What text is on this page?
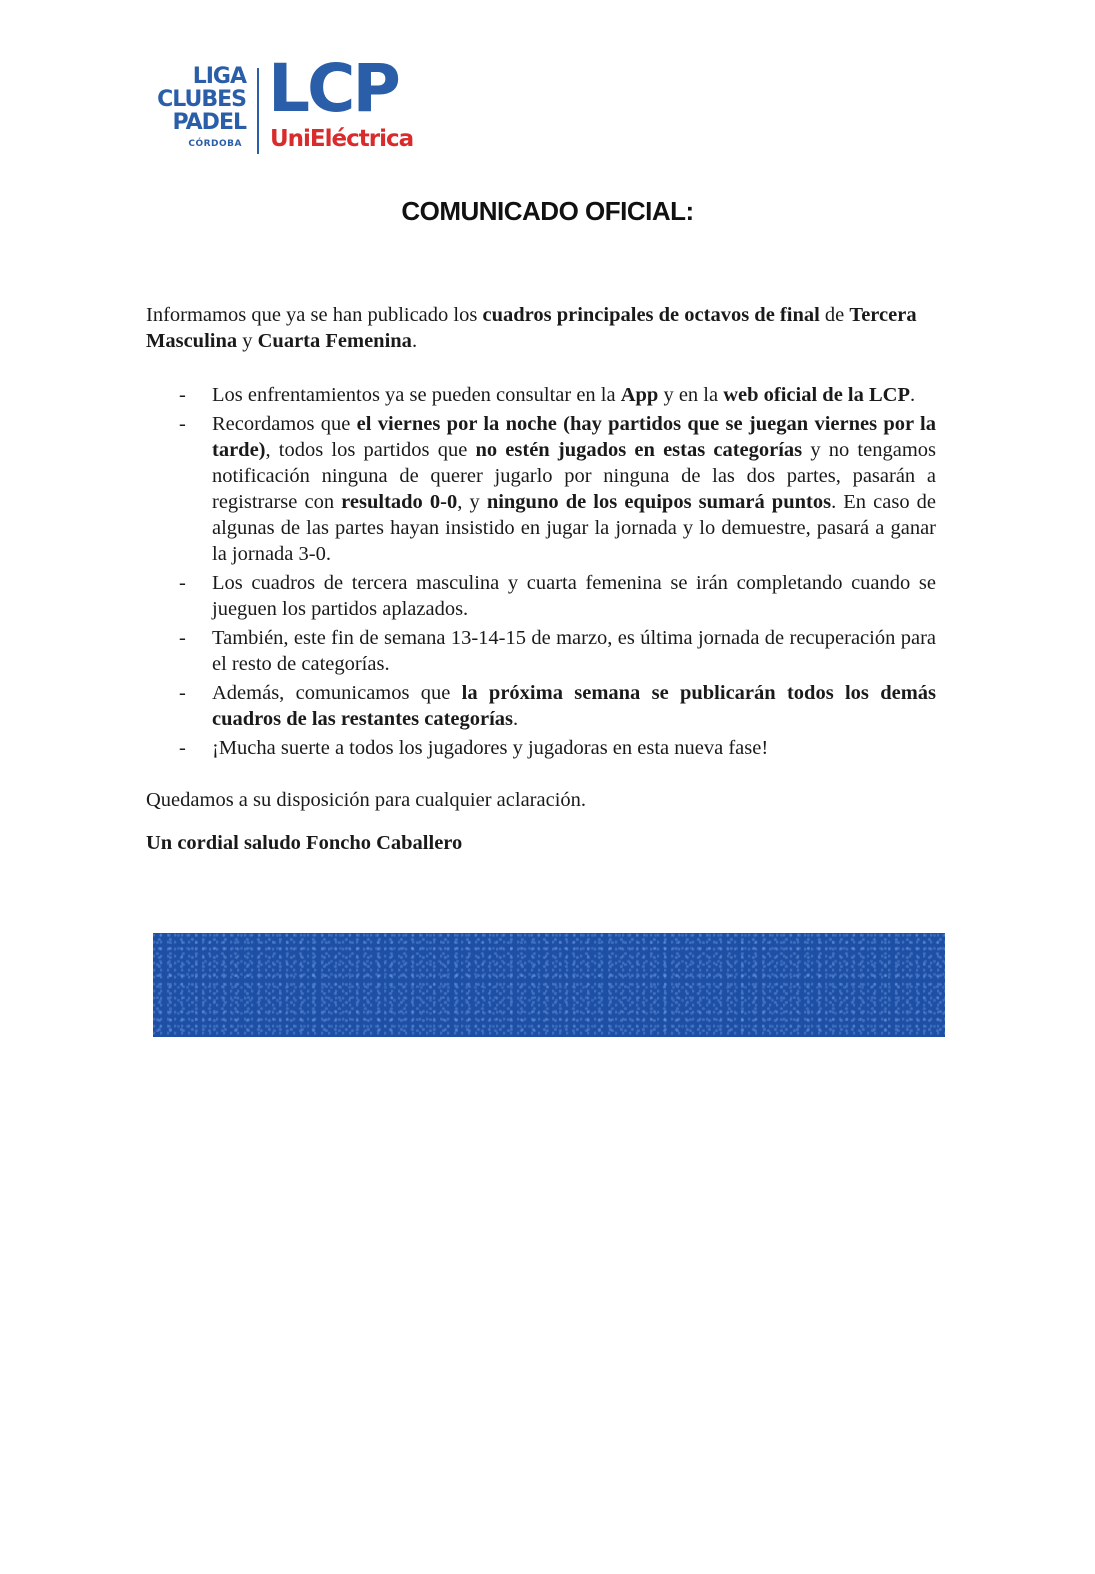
LIGA
CLUBES
PADEL
CÓRDOBA
LCP
UniEléctrica
COMUNICADO OFICIAL:

Informamos que ya se han publicado los cuadros principales de octavos de final de Tercera Masculina y Cuarta Femenina.

- Los enfrentamientos ya se pueden consultar en la App y en la web oficial de la LCP.
- Recordamos que el viernes por la noche (hay partidos que se juegan viernes por la tarde), todos los partidos que no estén jugados en estas categorías y no tengamos notificación ninguna de querer jugarlo por ninguna de las dos partes, pasarán a registrarse con resultado 0-0, y ninguno de los equipos sumará puntos. En caso de algunas de las partes hayan insistido en jugar la jornada y lo demuestre, pasará a ganar la jornada 3-0.
- Los cuadros de tercera masculina y cuarta femenina se irán completando cuando se jueguen los partidos aplazados.
- También, este fin de semana 13-14-15 de marzo, es última jornada de recuperación para el resto de categorías.
- Además, comunicamos que la próxima semana se publicarán todos los demás cuadros de las restantes categorías.
- ¡Mucha suerte a todos los jugadores y jugadoras en esta nueva fase!

Quedamos a su disposición para cualquier aclaración.

Un cordial saludo Foncho Caballero
